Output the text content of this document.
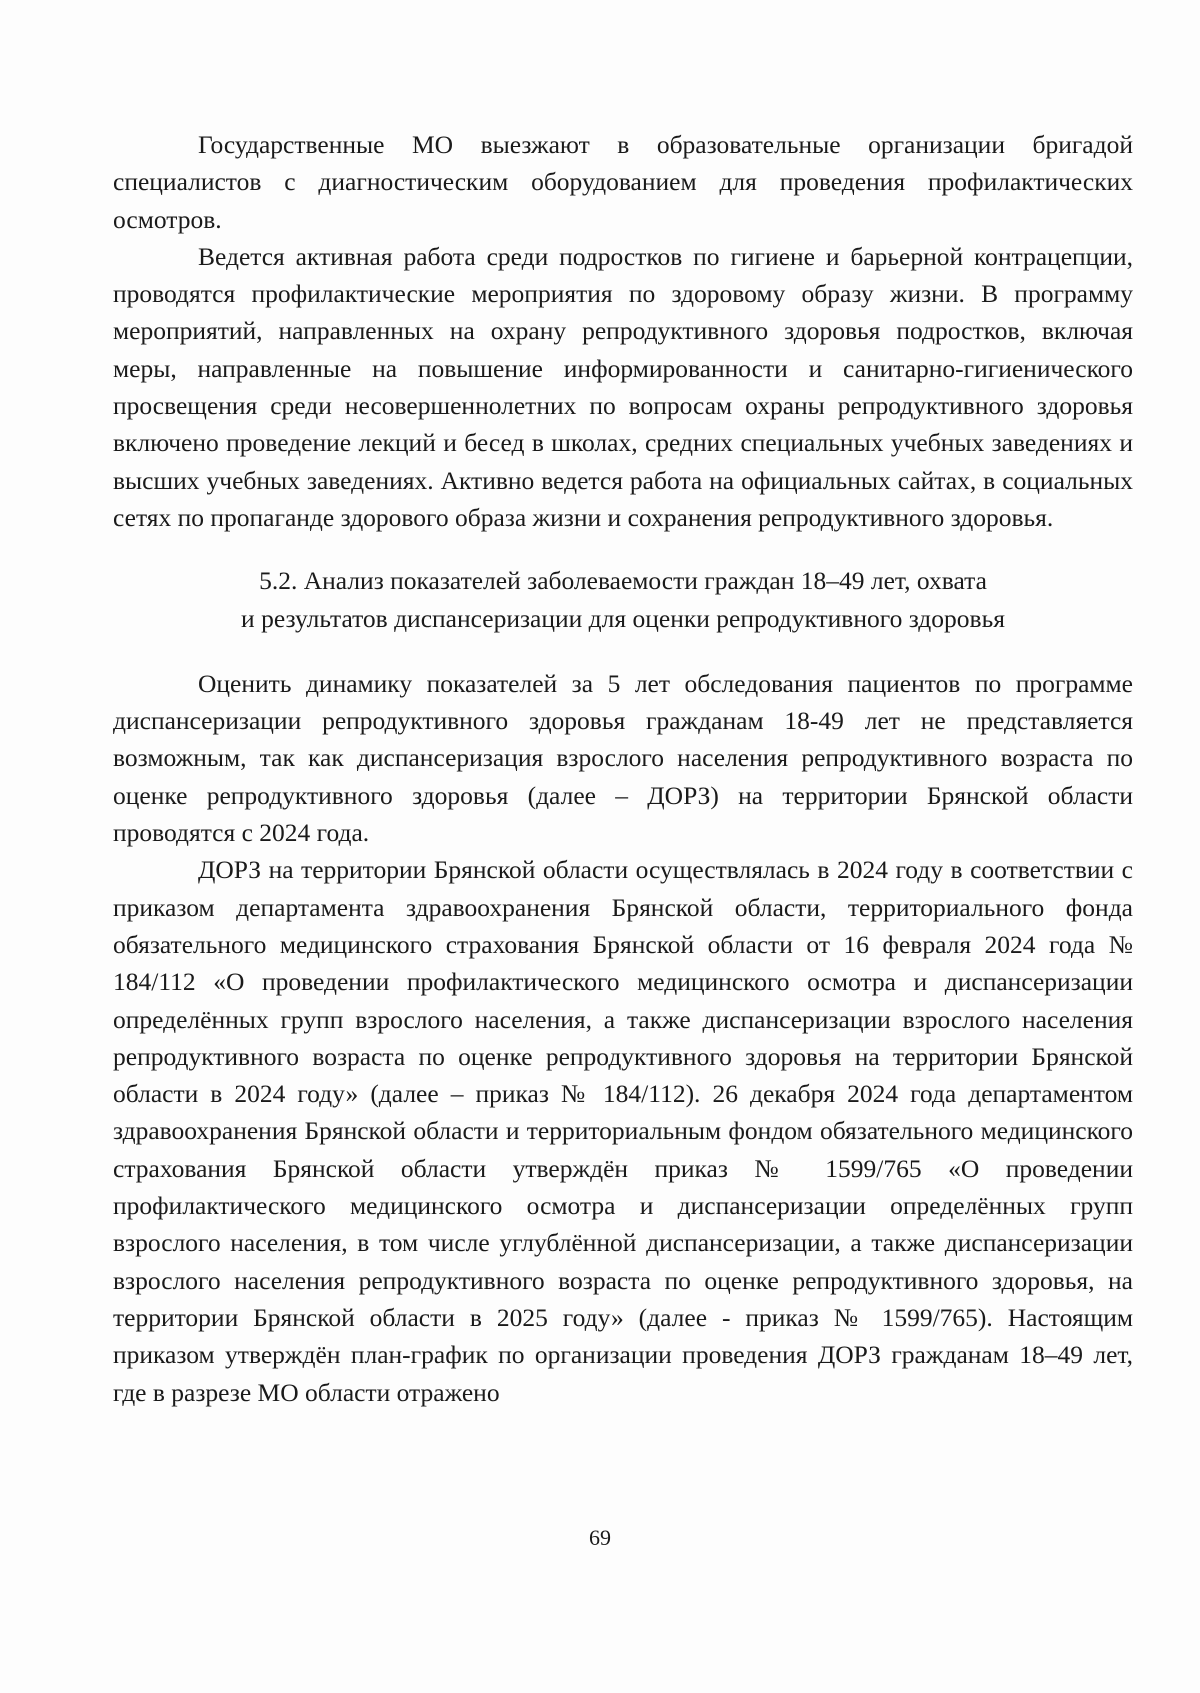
Государственные МО выезжают в образовательные организации бригадой специалистов с диагностическим оборудованием для проведения профилактических осмотров.

Ведется активная работа среди подростков по гигиене и барьерной контрацепции, проводятся профилактические мероприятия по здоровому образу жизни. В программу мероприятий, направленных на охрану репродуктивного здоровья подростков, включая меры, направленные на повышение информированности и санитарно-гигиенического просвещения среди несовершеннолетних по вопросам охраны репродуктивного здоровья включено проведение лекций и бесед в школах, средних специальных учебных заведениях и высших учебных заведениях. Активно ведется работа на официальных сайтах, в социальных сетях по пропаганде здорового образа жизни и сохранения репродуктивного здоровья.

5.2. Анализ показателей заболеваемости граждан 18–49 лет, охвата
и результатов диспансеризации для оценки репродуктивного здоровья

Оценить динамику показателей за 5 лет обследования пациентов по программе диспансеризации репродуктивного здоровья гражданам 18-49 лет не представляется возможным, так как диспансеризация взрослого населения репродуктивного возраста по оценке репродуктивного здоровья (далее – ДОРЗ) на территории Брянской области проводятся с 2024 года.

ДОРЗ на территории Брянской области осуществлялась в 2024 году в соответствии с приказом департамента здравоохранения Брянской области, территориального фонда обязательного медицинского страхования Брянской области от 16 февраля 2024 года № 184/112 «О проведении профилактического медицинского осмотра и диспансеризации определённых групп взрослого населения, а также диспансеризации взрослого населения репродуктивного возраста по оценке репродуктивного здоровья на территории Брянской области в 2024 году» (далее – приказ № 184/112). 26 декабря 2024 года департаментом здравоохранения Брянской области и территориальным фондом обязательного медицинского страхования Брянской области утверждён приказ № 1599/765 «О проведении профилактического медицинского осмотра и диспансеризации определённых групп взрослого населения, в том числе углублённой диспансеризации, а также диспансеризации взрослого населения репродуктивного возраста по оценке репродуктивного здоровья, на территории Брянской области в 2025 году» (далее - приказ № 1599/765). Настоящим приказом утверждён план-график по организации проведения ДОРЗ гражданам 18–49 лет, где в разрезе МО области отражено

69
